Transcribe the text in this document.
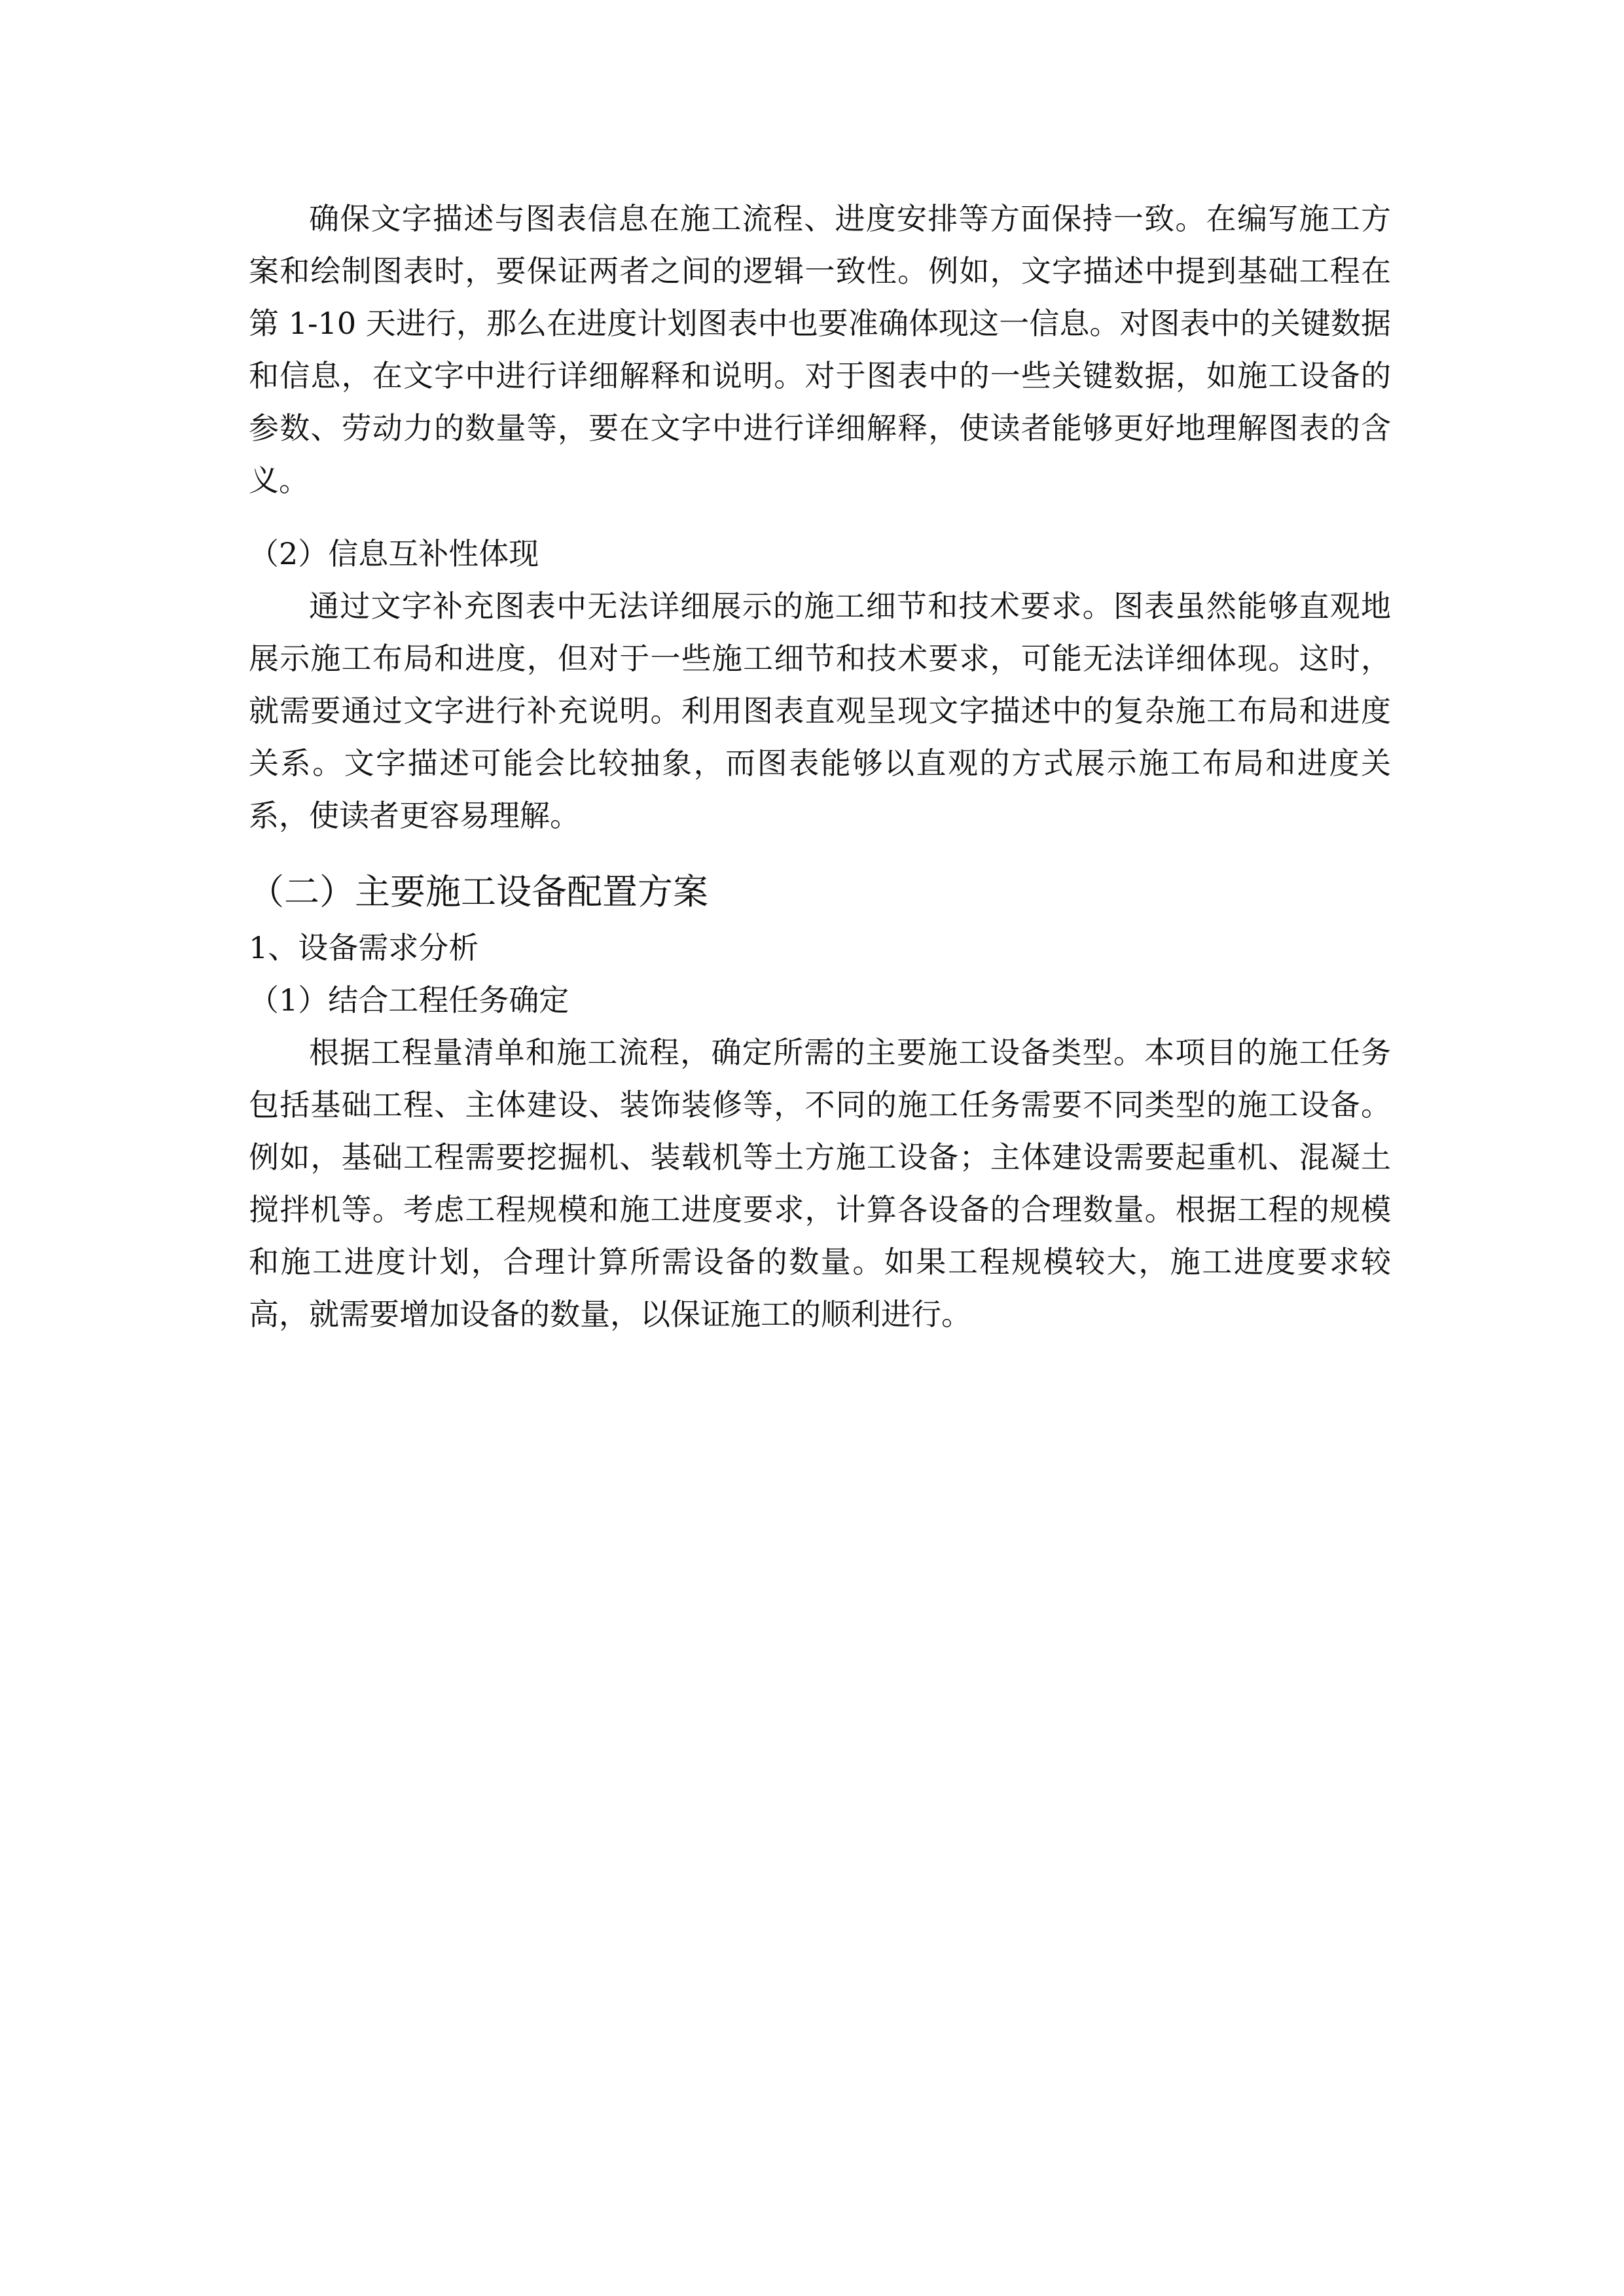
确保文字描述与图表信息在施工流程、进度安排等方面保持一致。在编写施工方案和绘制图表时，要保证两者之间的逻辑一致性。例如，文字描述中提到基础工程在第 1-10 天进行，那么在进度计划图表中也要准确体现这一信息。对图表中的关键数据和信息，在文字中进行详细解释和说明。对于图表中的一些关键数据，如施工设备的参数、劳动力的数量等，要在文字中进行详细解释，使读者能够更好地理解图表的含义。

（2）信息互补性体现

通过文字补充图表中无法详细展示的施工细节和技术要求。图表虽然能够直观地展示施工布局和进度，但对于一些施工细节和技术要求，可能无法详细体现。这时，就需要通过文字进行补充说明。利用图表直观呈现文字描述中的复杂施工布局和进度关系。文字描述可能会比较抽象，而图表能够以直观的方式展示施工布局和进度关系，使读者更容易理解。

（二）主要施工设备配置方案

1、设备需求分析

（1）结合工程任务确定

根据工程量清单和施工流程，确定所需的主要施工设备类型。本项目的施工任务包括基础工程、主体建设、装饰装修等，不同的施工任务需要不同类型的施工设备。例如，基础工程需要挖掘机、装载机等土方施工设备；主体建设需要起重机、混凝土搅拌机等。考虑工程规模和施工进度要求，计算各设备的合理数量。根据工程的规模和施工进度计划，合理计算所需设备的数量。如果工程规模较大，施工进度要求较高，就需要增加设备的数量，以保证施工的顺利进行。
